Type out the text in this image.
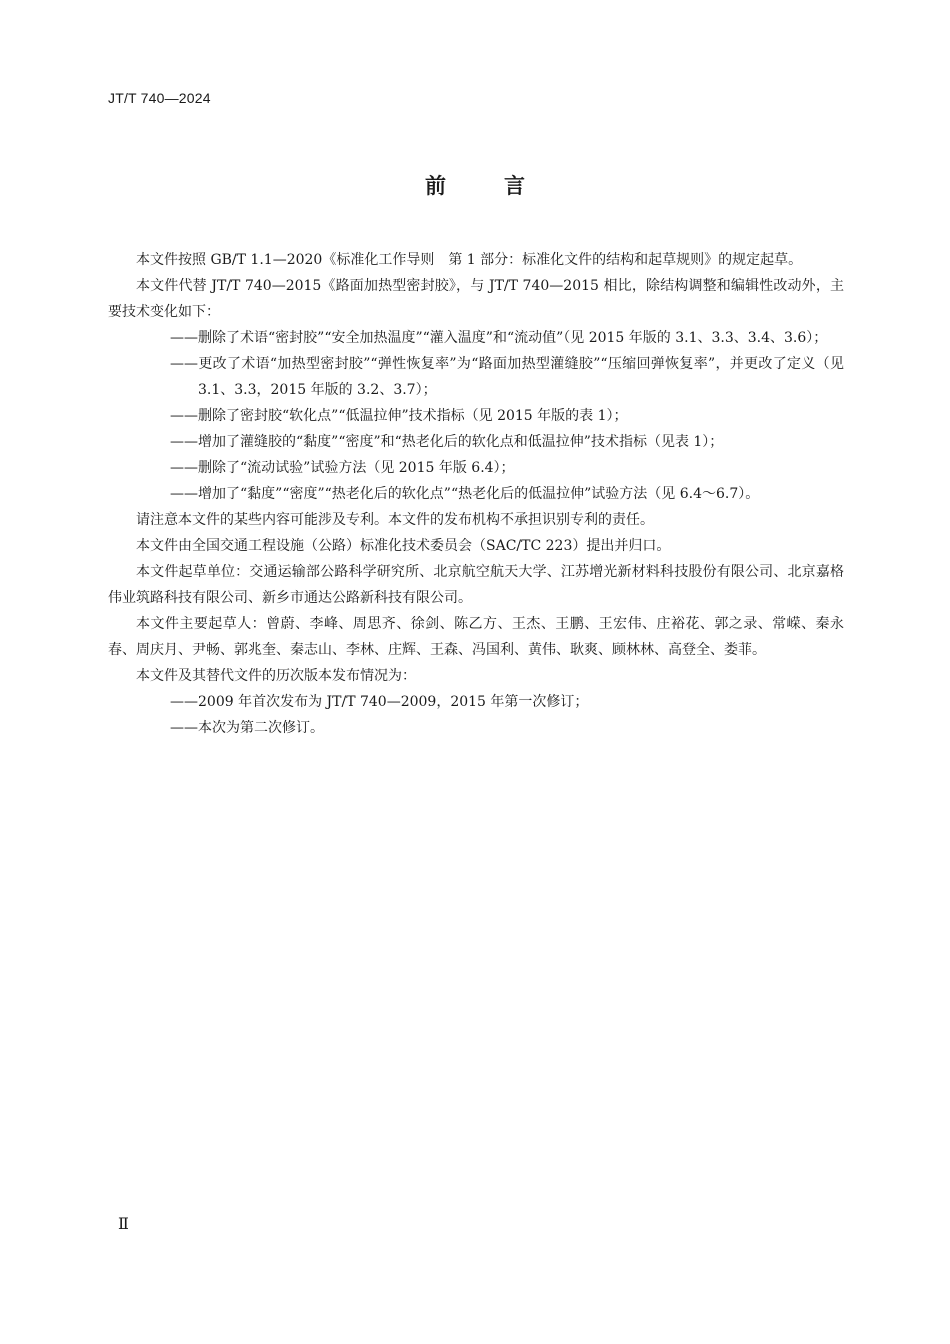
JT/T 740—2024
前	言

本文件按照 GB/T 1.1—2020《标准化工作导则　第 1 部分：标准化文件的结构和起草规则》的规定起草。

本文件代替 JT/T 740—2015《路面加热型密封胶》，与 JT/T 740—2015 相比，除结构调整和编辑性改动外，主要技术变化如下：

——删除了术语“密封胶”“安全加热温度”“灌入温度”和“流动值”（见 2015 年版的 3.1、3.3、3.4、3.6）；

——更改了术语“加热型密封胶”“弹性恢复率”为“路面加热型灌缝胶”“压缩回弹恢复率”，并更改了定义（见 3.1、3.3，2015 年版的 3.2、3.7）；

——删除了密封胶“软化点”“低温拉伸”技术指标（见 2015 年版的表 1）；

——增加了灌缝胶的“黏度”“密度”和“热老化后的软化点和低温拉伸”技术指标（见表 1）；

——删除了“流动试验”试验方法（见 2015 年版 6.4）；

——增加了“黏度”“密度”“热老化后的软化点”“热老化后的低温拉伸”试验方法（见 6.4～6.7）。

请注意本文件的某些内容可能涉及专利。本文件的发布机构不承担识别专利的责任。

本文件由全国交通工程设施（公路）标准化技术委员会（SAC/TC 223）提出并归口。

本文件起草单位：交通运输部公路科学研究所、北京航空航天大学、江苏增光新材料科技股份有限公司、北京嘉格伟业筑路科技有限公司、新乡市通达公路新科技有限公司。

本文件主要起草人：曾蔚、李峰、周思齐、徐剑、陈乙方、王杰、王鹏、王宏伟、庄裕花、郭之录、常嵘、秦永春、周庆月、尹畅、郭兆奎、秦志山、李林、庄辉、王森、冯国利、黄伟、耿爽、顾林林、高登全、娄菲。

本文件及其替代文件的历次版本发布情况为：

——2009 年首次发布为 JT/T 740—2009，2015 年第一次修订；

——本次为第二次修订。

Ⅱ
